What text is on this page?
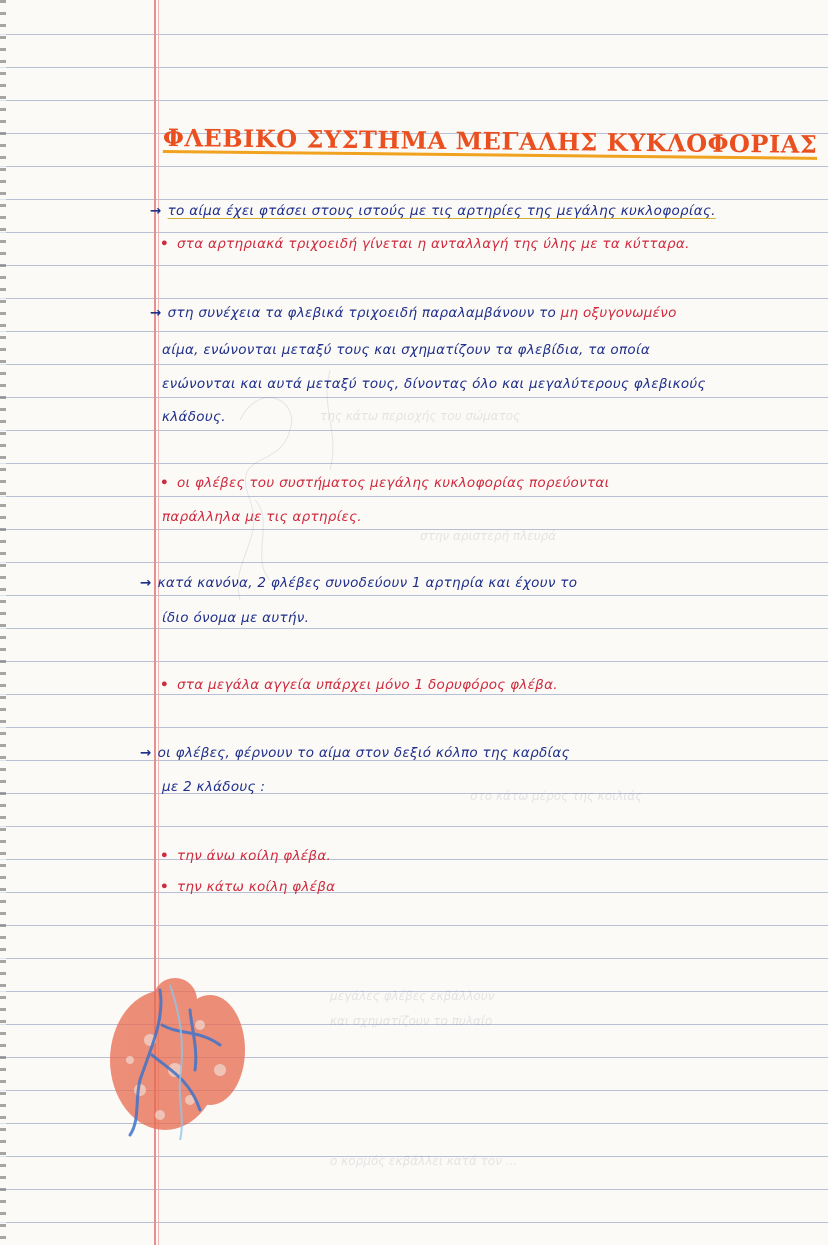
της κάτω περιοχής του σώματος
στην αριστερή πλευρά
στο κάτω μέρος της κοιλιάς
μεγάλες φλέβες εκβάλλουν
και σχηματίζουν το πυλαίο
ο κορμός εκβάλλει κατά τον ...
ΦΛΕΒΙΚΟ ΣΥΣΤΗΜΑ ΜΕΓΑΛΗΣ ΚΥΚΛΟΦΟΡΙΑΣ
→ το αίμα έχει φτάσει στους ιστούς με τις αρτηρίες της μεγάλης κυκλοφορίας.
• στα αρτηριακά τριχοειδή γίνεται η ανταλλαγή της ύλης με τα κύτταρα.
→ στη συνέχεια τα φλεβικά τριχοειδή παραλαμβάνουν το μη οξυγονωμένο
αίμα, ενώνονται μεταξύ τους και σχηματίζουν τα φλεβίδια, τα οποία
ενώνονται και αυτά μεταξύ τους, δίνοντας όλο και μεγαλύτερους φλεβικούς
κλάδους.
• οι φλέβες του συστήματος μεγάλης κυκλοφορίας πορεύονται
παράλληλα με τις αρτηρίες.
→ κατά κανόνα, 2 φλέβες συνοδεύουν 1 αρτηρία και έχουν το
ίδιο όνομα με αυτήν.
• στα μεγάλα αγγεία υπάρχει μόνο 1 δορυφόρος φλέβα.
→ οι φλέβες, φέρνουν το αίμα στον δεξιό κόλπο της καρδίας
με 2 κλάδους :
• την άνω κοίλη φλέβα.
• την κάτω κοίλη φλέβα
